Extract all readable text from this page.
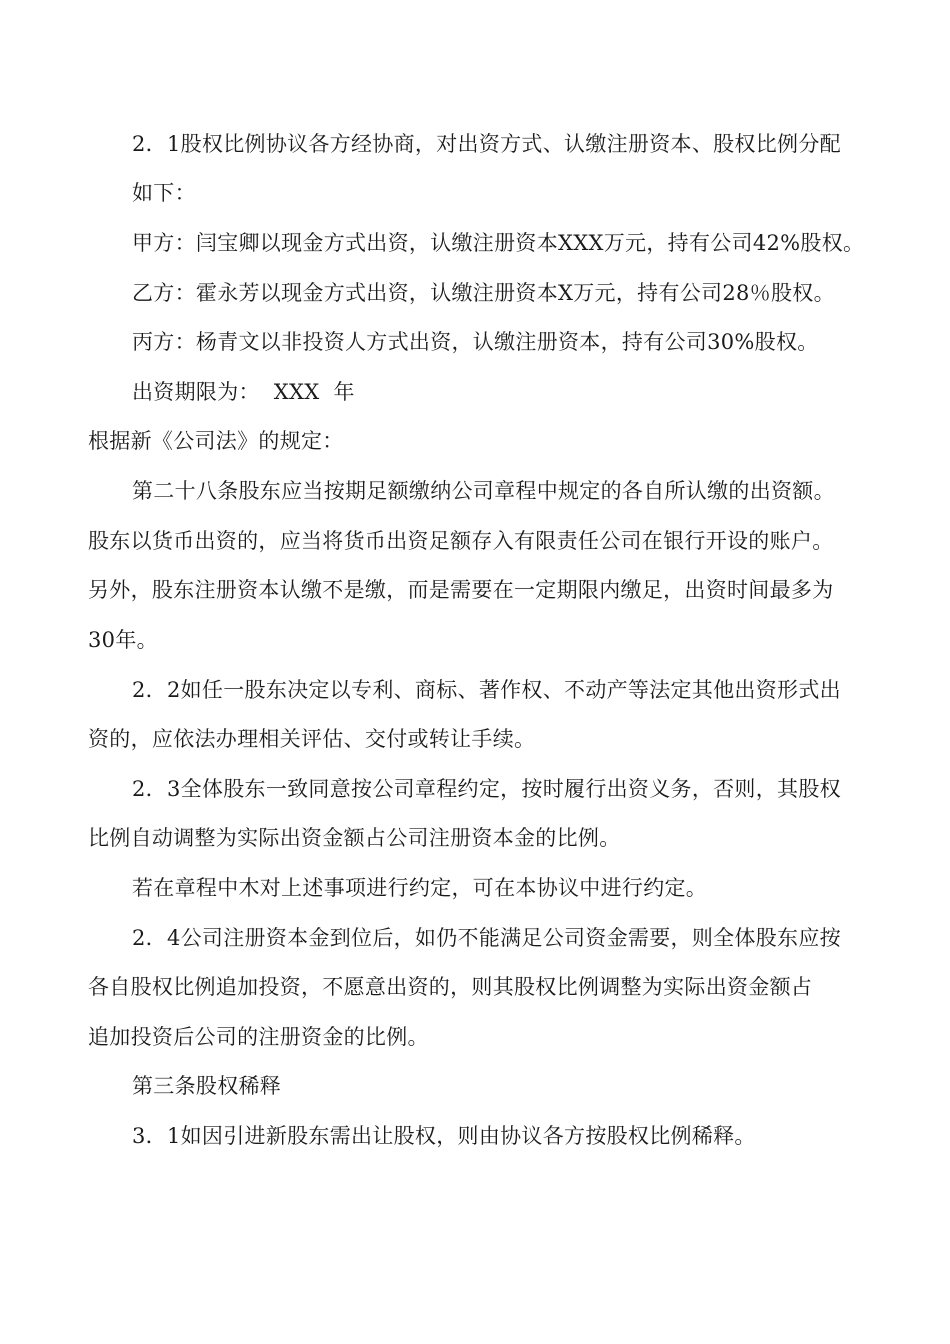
2．1股权比例协议各方经协商，对出资方式、认缴注册资本、股权比例分配
如下：
甲方：闫宝卿以现金方式出资，认缴注册资本XXX万元，持有公司42%股权。
乙方：霍永芳以现金方式出资，认缴注册资本X万元，持有公司28％股权。
丙方：杨青文以非投资人方式出资，认缴注册资本，持有公司30%股权。
出资期限为：  XXX  年
根据新《公司法》的规定：
第二十八条股东应当按期足额缴纳公司章程中规定的各自所认缴的出资额。
股东以货币出资的，应当将货币出资足额存入有限责任公司在银行开设的账户。
另外，股东注册资本认缴不是缴，而是需要在一定期限内缴足，出资时间最多为
30年。
2．2如任一股东决定以专利、商标、著作权、不动产等法定其他出资形式出
资的，应依法办理相关评估、交付或转让手续。
2．3全体股东一致同意按公司章程约定，按时履行出资义务，否则，其股权
比例自动调整为实际出资金额占公司注册资本金的比例。
若在章程中木对上述事项进行约定，可在本协议中进行约定。
2．4公司注册资本金到位后，如仍不能满足公司资金需要，则全体股东应按
各自股权比例追加投资，不愿意出资的，则其股权比例调整为实际出资金额占
追加投资后公司的注册资金的比例。
第三条股权稀释
3．1如因引进新股东需出让股权，则由协议各方按股权比例稀释。
